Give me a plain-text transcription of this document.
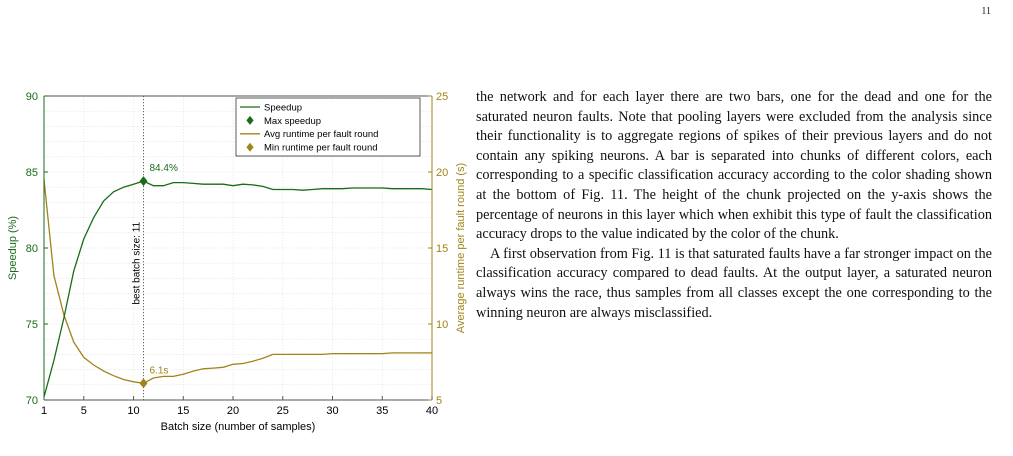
11
1	5	10	15	20	25	30	35	40
70
75
80
85
90
5
10
15
20
25
Batch size (number of samples)
Speedup (%)	Average runtime per fault round (s)
84.4%
6.1s
best batch size: 11
Speedup
Max speedup
Avg runtime per fault round
Min runtime per fault round

the network and for each layer there are two bars, one for the dead and one for the saturated neuron faults. Note that pooling layers were excluded from the analysis since their functionality is to aggregate regions of spikes of their previous layers and do not contain any spiking neurons. A bar is separated into chunks of different colors, each corresponding to a specific classification accuracy according to the color shading shown at the bottom of Fig. 11. The height of the chunk projected on the y-axis shows the percentage of neurons in this layer which when exhibit this type of fault the classification accuracy drops to the value indicated by the color of the chunk.

A first observation from Fig. 11 is that saturated faults have a far stronger impact on the classification accuracy compared to dead faults. At the output layer, a saturated neuron always wins the race, thus samples from all classes except the one corresponding to the winning neuron are always misclassified.
